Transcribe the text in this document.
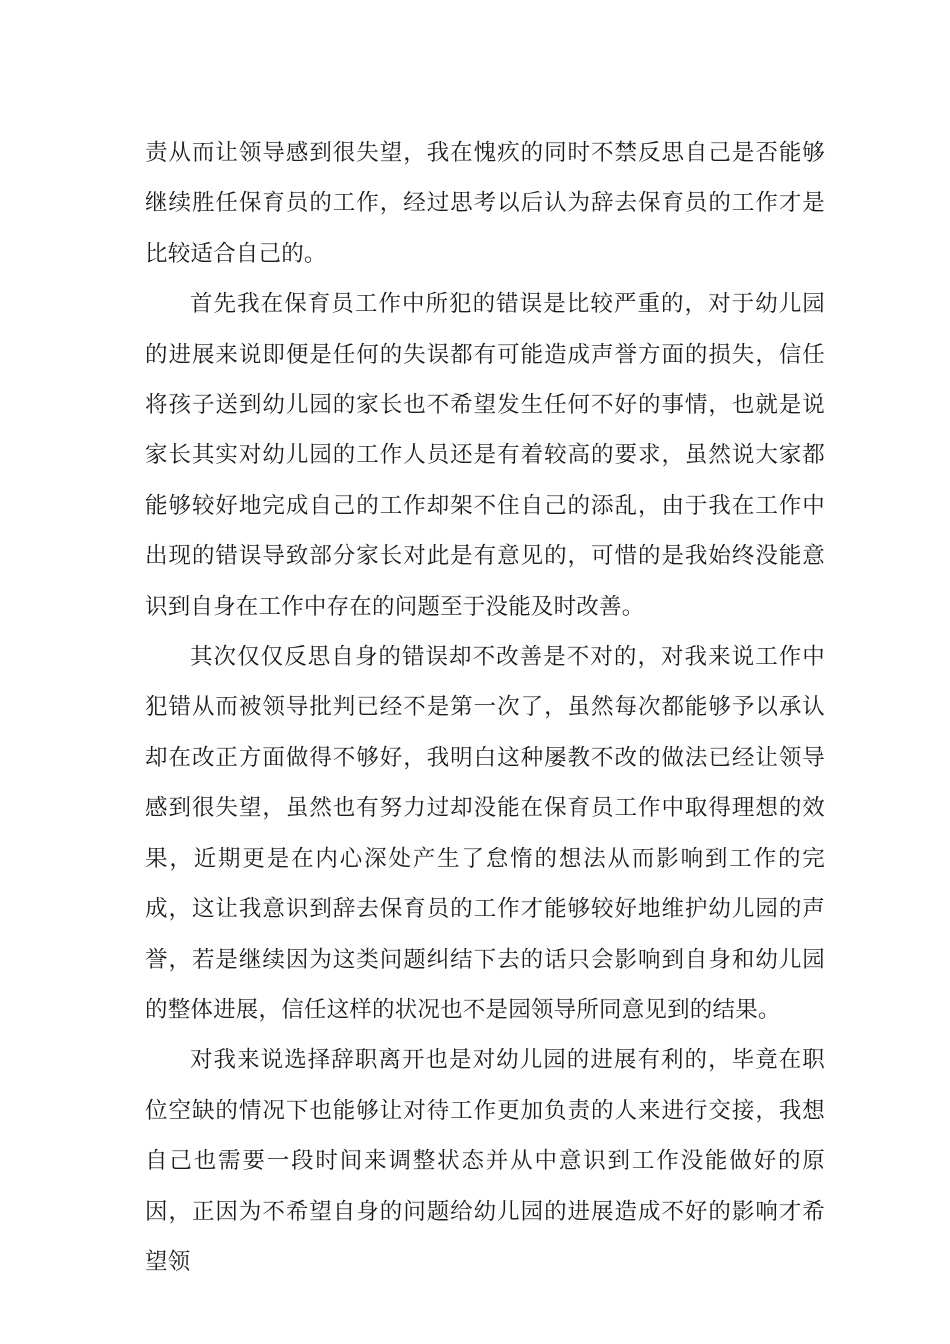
责从而让领导感到很失望，我在愧疚的同时不禁反思自己是否能够继续胜任保育员的工作，经过思考以后认为辞去保育员的工作才是比较适合自己的。

首先我在保育员工作中所犯的错误是比较严重的，对于幼儿园的进展来说即便是任何的失误都有可能造成声誉方面的损失，信任将孩子送到幼儿园的家长也不希望发生任何不好的事情，也就是说家长其实对幼儿园的工作人员还是有着较高的要求，虽然说大家都能够较好地完成自己的工作却架不住自己的添乱，由于我在工作中出现的错误导致部分家长对此是有意见的，可惜的是我始终没能意识到自身在工作中存在的问题至于没能及时改善。

其次仅仅反思自身的错误却不改善是不对的，对我来说工作中犯错从而被领导批判已经不是第一次了，虽然每次都能够予以承认却在改正方面做得不够好，我明白这种屡教不改的做法已经让领导感到很失望，虽然也有努力过却没能在保育员工作中取得理想的效果，近期更是在内心深处产生了怠惰的想法从而影响到工作的完成，这让我意识到辞去保育员的工作才能够较好地维护幼儿园的声誉，若是继续因为这类问题纠结下去的话只会影响到自身和幼儿园的整体进展，信任这样的状况也不是园领导所同意见到的结果。

对我来说选择辞职离开也是对幼儿园的进展有利的，毕竟在职位空缺的情况下也能够让对待工作更加负责的人来进行交接，我想自己也需要一段时间来调整状态并从中意识到工作没能做好的原因，正因为不希望自身的问题给幼儿园的进展造成不好的影响才希望领
